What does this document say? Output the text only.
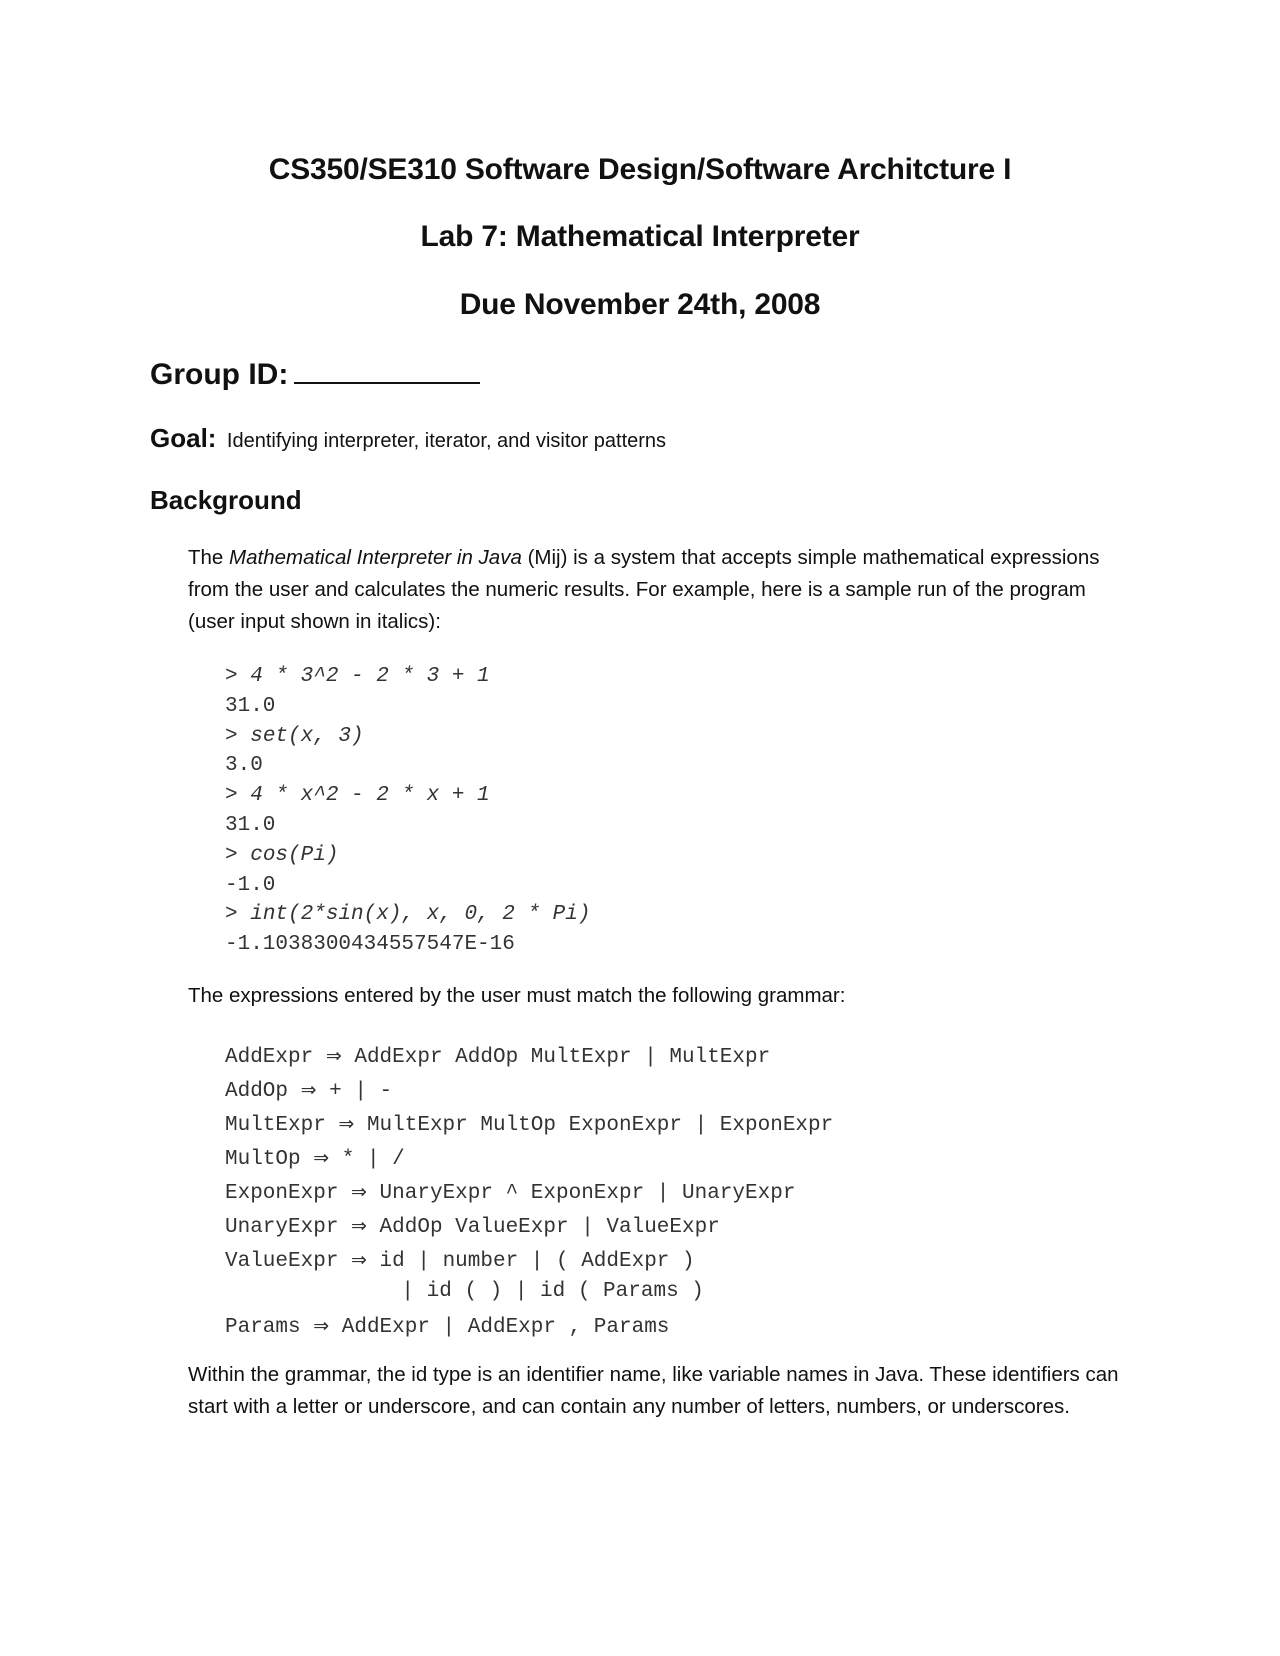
CS350/SE310 Software Design/Software Architcture I
Lab 7: Mathematical Interpreter
Due November 24th, 2008
Group ID:
Goal: Identifying interpreter, iterator, and visitor patterns
Background
The Mathematical Interpreter in Java (Mij) is a system that accepts simple mathematical expressions from the user and calculates the numeric results. For example, here is a sample run of the program (user input shown in italics):
> 4 * 3^2 - 2 * 3 + 1
31.0
> set(x, 3)
3.0
> 4 * x^2 - 2 * x + 1
31.0
> cos(Pi)
-1.0
> int(2*sin(x), x, 0, 2 * Pi)
-1.1038300434557547E-16
The expressions entered by the user must match the following grammar:
AddExpr ⇒ AddExpr AddOp MultExpr | MultExpr
AddOp ⇒ + | -
MultExpr ⇒ MultExpr MultOp ExponExpr | ExponExpr
MultOp ⇒ * | /
ExponExpr ⇒ UnaryExpr ^ ExponExpr | UnaryExpr
UnaryExpr ⇒ AddOp ValueExpr | ValueExpr
ValueExpr ⇒ id | number | ( AddExpr )
| id ( ) | id ( Params )
Params ⇒ AddExpr | AddExpr , Params
Within the grammar, the id type is an identifier name, like variable names in Java. These identifiers can start with a letter or underscore, and can contain any number of letters, numbers, or underscores.
